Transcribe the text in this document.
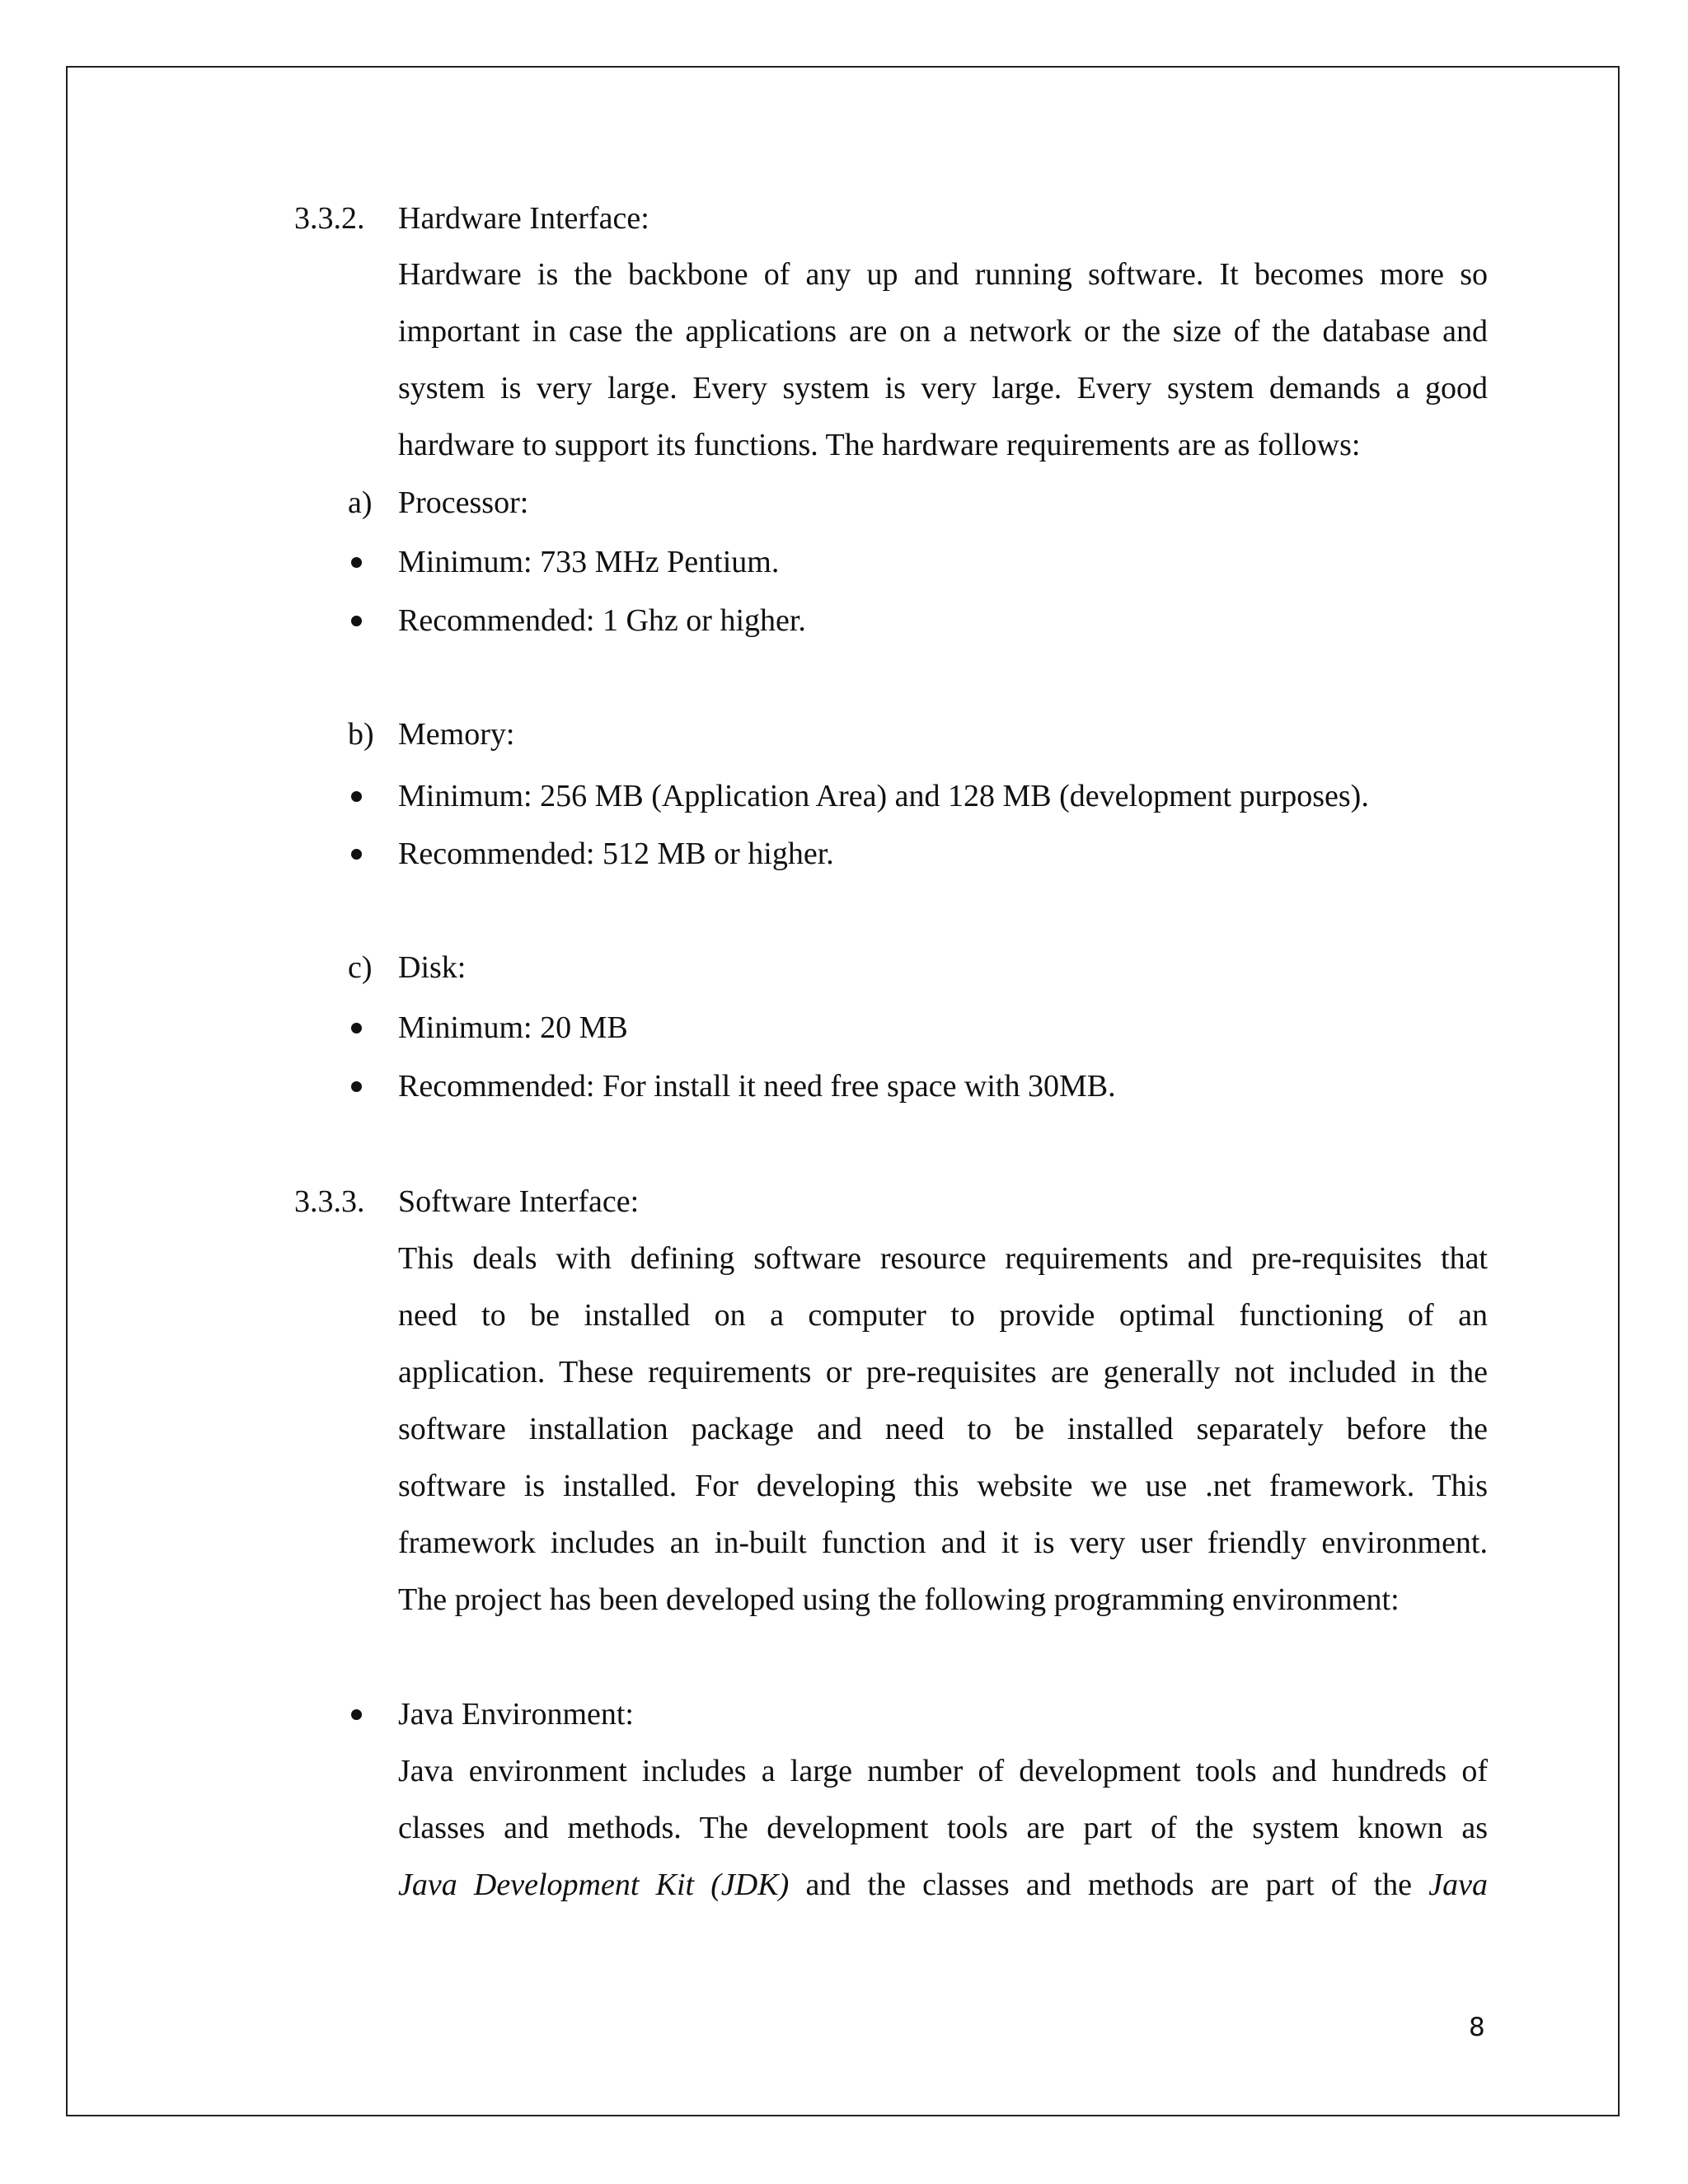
3.3.2. Hardware Interface:
Hardware is the backbone of any up and running software. It becomes more so
important in case the applications are on a network or the size of the database and
system is very large. Every system is very large. Every system demands a good
hardware to support its functions. The hardware requirements are as follows:
a) Processor:
Minimum: 733 MHz Pentium.
Recommended: 1 Ghz or higher.
b) Memory:
Minimum: 256 MB (Application Area) and 128 MB (development purposes).
Recommended: 512 MB or higher.
c) Disk:
Minimum: 20 MB
Recommended: For install it need free space with 30MB.
3.3.3. Software Interface:
This deals with defining software resource requirements and pre-requisites that
need to be installed on a computer to provide optimal functioning of an
application. These requirements or pre-requisites are generally not included in the
software installation package and need to be installed separately before the
software is installed. For developing this website we use .net framework. This
framework includes an in-built function and it is very user friendly environment.
The project has been developed using the following programming environment:
Java Environment:
Java environment includes a large number of development tools and hundreds of
classes and methods. The development tools are part of the system known as
Java Development Kit (JDK) and the classes and methods are part of the Java
8
